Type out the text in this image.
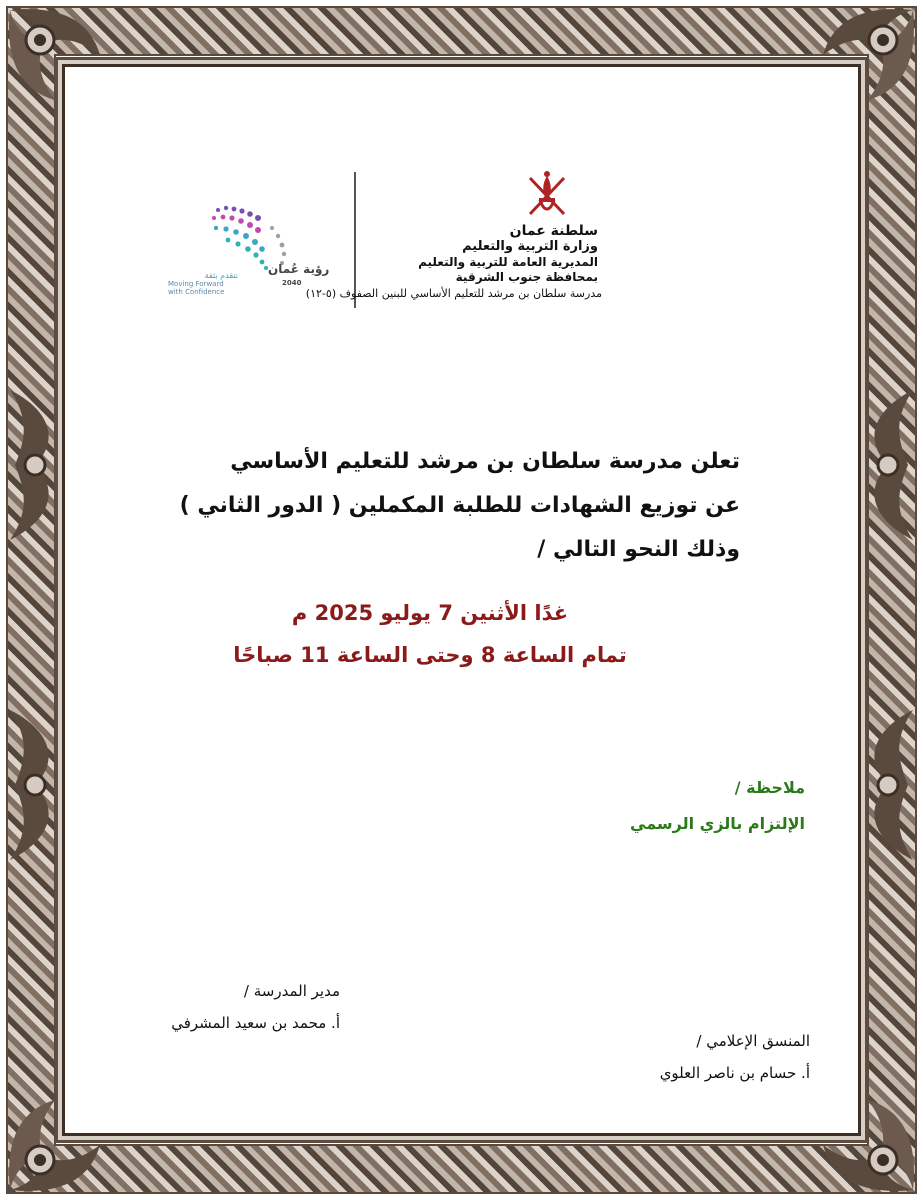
سلطنة عمان
وزارة التربية والتعليم
المديرية العامة للتربية والتعليم
بمحافظة جنوب الشرقية
مدرسة سلطان بن مرشد للتعليم الأساسي للبنين الصفوف (٥-١٢)
رؤية عُمان
2040
نتقدم بثقة
Moving Forward
with Confidence
تعلن مدرسة سلطان بن مرشد للتعليم الأساسي
عن توزيع الشهادات للطلبة المكملين ( الدور الثاني )
وذلك النحو التالي /
غدًا الأثنين 7 يوليو 2025 م
تمام الساعة 8 وحتى الساعة 11 صباحًا
ملاحظة /
الإلتزام بالزي الرسمي
مدير المدرسة /
أ. محمد بن سعيد المشرفي
المنسق الإعلامي /
أ. حسام بن ناصر العلوي
